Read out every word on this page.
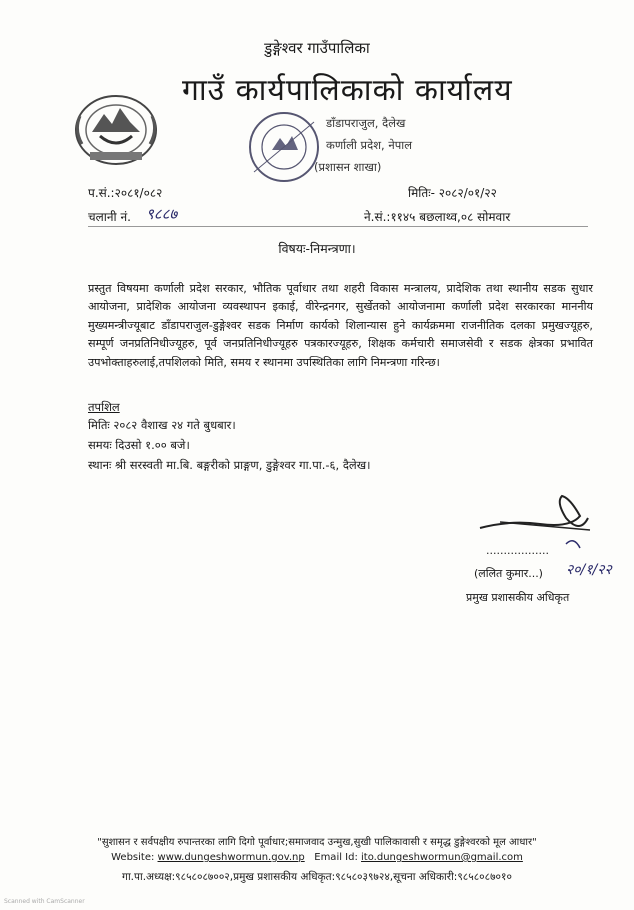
डुङ्गेश्वर गाउँपालिका
गाउँ कार्यपालिकाको कार्यालय
डाँडापराजुल, दैलेख
कर्णाली प्रदेश, नेपाल
(प्रशासन शाखा)
प.सं.:२०८१/०८२	मितिः- २०८२/०१/२२
चलानी नं. ९८८७	ने.सं.:११४५ बछलाथ्व,०८ सोमवार
विषयः-निमन्त्रणा।
प्रस्तुत विषयमा कर्णाली प्रदेश सरकार, भौतिक पूर्वाधार तथा शहरी विकास मन्त्रालय, प्रादेशिक तथा स्थानीय सडक सुधार आयोजना, प्रादेशिक आयोजना व्यवस्थापन इकाई, वीरेन्द्रनगर, सुर्खेतको आयोजनामा कर्णाली प्रदेश सरकारका माननीय मुख्यमन्त्रीज्यूबाट डाँडापराजुल-डुङ्गेश्वर सडक निर्माण कार्यको शिलान्यास हुने कार्यक्रममा राजनीतिक दलका प्रमुखज्यूहरु, सम्पूर्ण जनप्रतिनिधीज्यूहरु, पूर्व जनप्रतिनिधीज्यूहरु पत्रकारज्यूहरु, शिक्षक कर्मचारी समाजसेवी र सडक क्षेत्रका प्रभावित उपभोक्ताहरुलाई,तपशिलको मिति, समय र स्थानमा उपस्थितिका लागि निमन्त्रणा गरिन्छ।
तपशिल
मितिः २०८२ वैशाख २४ गते बुधबार।
समयः दिउसो १.०० बजे।
स्थानः श्री सरस्वती मा.बि. बङ्गरीको प्राङ्गण, डुङ्गेश्वर गा.पा.-६, दैलेख।
..................
(ललित कुमार...) २०/१/२२
प्रमुख प्रशासकीय अधिकृत
"सुशासन र सर्वपक्षीय रुपान्तरका लागि दिगो पूर्वाधार;समाजवाद उन्मुख,सुखी पालिकावासी र समृद्ध डुङ्गेश्वरको मूल आधार"
Website: www.dungeshwormun.gov.np Email Id: ito.dungeshwormun@gmail.com
गा.पा.अध्यक्ष:९८५८०८७००२,प्रमुख प्रशासकीय अधिकृत:९८५८०३९७२४,सूचना अधिकारी:९८५८०८७०१०
Scanned with CamScanner
